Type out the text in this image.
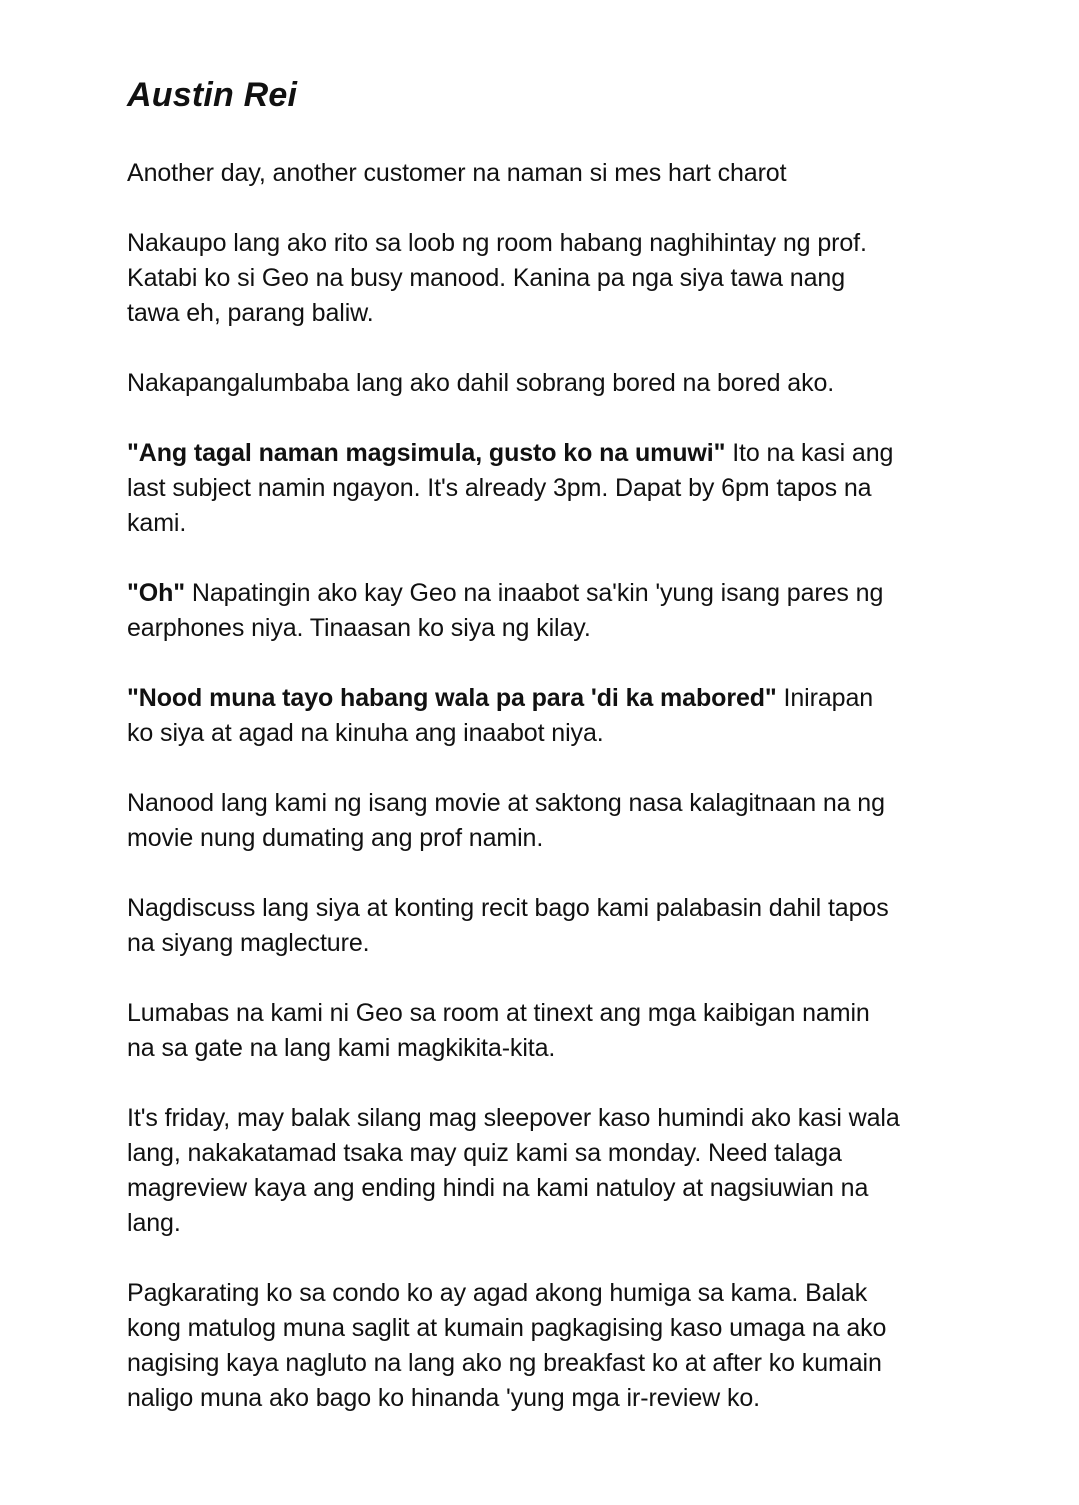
Austin Rei

Another day, another customer na naman si mes hart charot

Nakaupo lang ako rito sa loob ng room habang naghihintay ng prof.
Katabi ko si Geo na busy manood. Kanina pa nga siya tawa nang
tawa eh, parang baliw.

Nakapangalumbaba lang ako dahil sobrang bored na bored ako.

"Ang tagal naman magsimula, gusto ko na umuwi" Ito na kasi ang
last subject namin ngayon. It's already 3pm. Dapat by 6pm tapos na
kami.

"Oh" Napatingin ako kay Geo na inaabot sa'kin 'yung isang pares ng
earphones niya. Tinaasan ko siya ng kilay.

"Nood muna tayo habang wala pa para 'di ka mabored" Inirapan
ko siya at agad na kinuha ang inaabot niya.

Nanood lang kami ng isang movie at saktong nasa kalagitnaan na ng
movie nung dumating ang prof namin.

Nagdiscuss lang siya at konting recit bago kami palabasin dahil tapos
na siyang maglecture.

Lumabas na kami ni Geo sa room at tinext ang mga kaibigan namin
na sa gate na lang kami magkikita-kita.

It's friday, may balak silang mag sleepover kaso humindi ako kasi wala
lang, nakakatamad tsaka may quiz kami sa monday. Need talaga
magreview kaya ang ending hindi na kami natuloy at nagsiuwian na
lang.

Pagkarating ko sa condo ko ay agad akong humiga sa kama. Balak
kong matulog muna saglit at kumain pagkagising kaso umaga na ako
nagising kaya nagluto na lang ako ng breakfast ko at after ko kumain
naligo muna ako bago ko hinanda 'yung mga ir-review ko.
